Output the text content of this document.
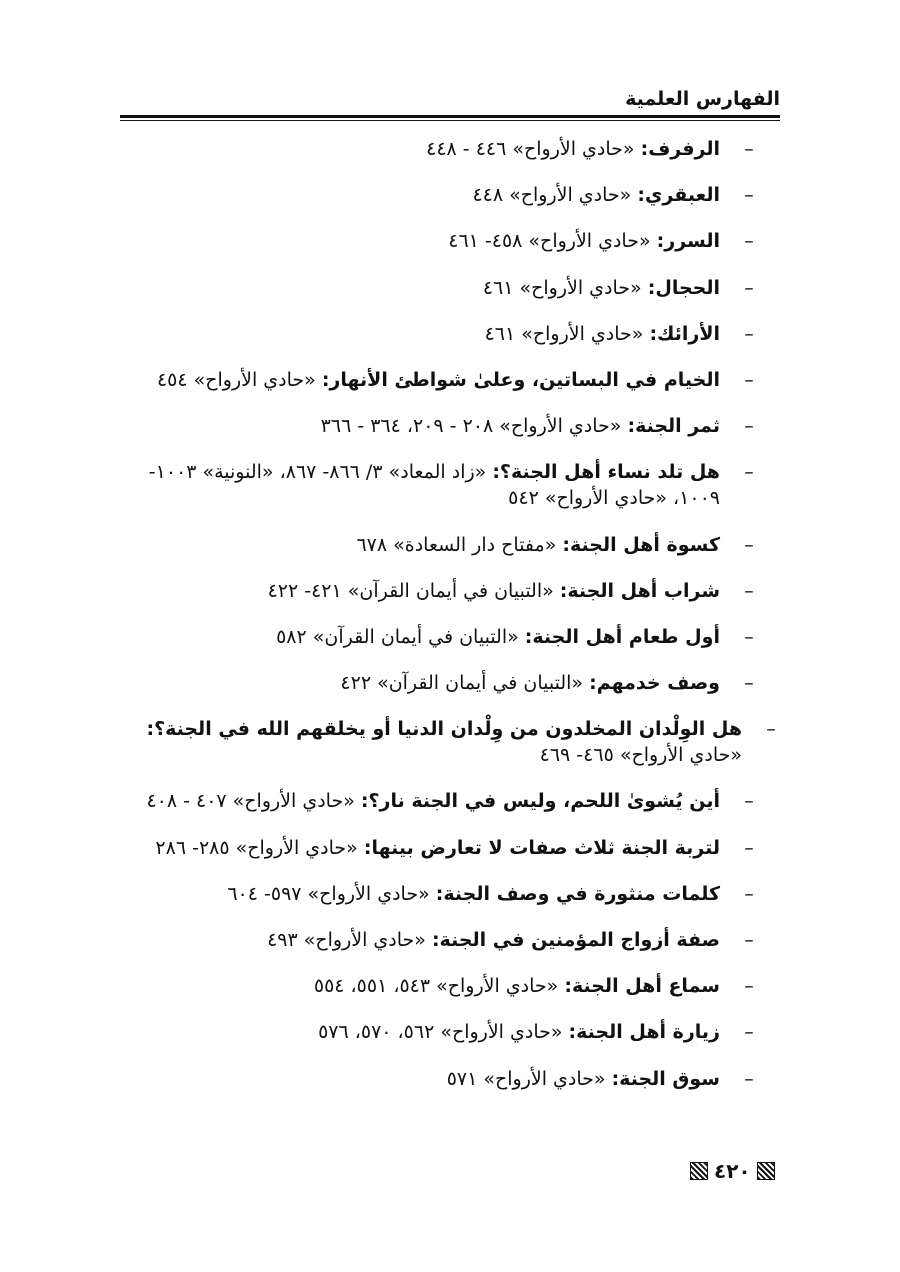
الفهارس العلمية
–
الرفرف: «حادي الأرواح» ٤٤٦ - ٤٤٨
–
العبقري: «حادي الأرواح» ٤٤٨
–
السرر: «حادي الأرواح» ٤٥٨- ٤٦١
–
الحجال: «حادي الأرواح» ٤٦١
–
الأرائك: «حادي الأرواح» ٤٦١
–
الخيام في البساتين، وعلىٰ شواطئ الأنهار: «حادي الأرواح» ٤٥٤
–
ثمر الجنة: «حادي الأرواح» ٢٠٨ - ٢٠٩، ٣٦٤ - ٣٦٦
–
هل تلد نساء أهل الجنة؟: «زاد المعاد» ٣/ ٨٦٦- ٨٦٧، «النونية» ١٠٠٣- ١٠٠٩، «حادي الأرواح» ٥٤٢
–
كسوة أهل الجنة: «مفتاح دار السعادة» ٦٧٨
–
شراب أهل الجنة: «التبيان في أيمان القرآن» ٤٢١- ٤٢٢
–
أول طعام أهل الجنة: «التبيان في أيمان القرآن» ٥٨٢
–
وصف خدمهم: «التبيان في أيمان القرآن» ٤٢٢
–
هل الوِلْدان المخلدون من وِلْدان الدنيا أو يخلقهم الله في الجنة؟: «حادي الأرواح» ٤٦٥- ٤٦٩
–
أين يُشوىٰ اللحم، وليس في الجنة نار؟: «حادي الأرواح» ٤٠٧ - ٤٠٨
–
لتربة الجنة ثلاث صفات لا تعارض بينها: «حادي الأرواح» ٢٨٥- ٢٨٦
–
كلمات منثورة في وصف الجنة: «حادي الأرواح» ٥٩٧- ٦٠٤
–
صفة أزواج المؤمنين في الجنة: «حادي الأرواح» ٤٩٣
–
سماع أهل الجنة: «حادي الأرواح» ٥٤٣، ٥٥١، ٥٥٤
–
زيارة أهل الجنة: «حادي الأرواح» ٥٦٢، ٥٧٠، ٥٧٦
–
سوق الجنة: «حادي الأرواح» ٥٧١
٤٢٠
